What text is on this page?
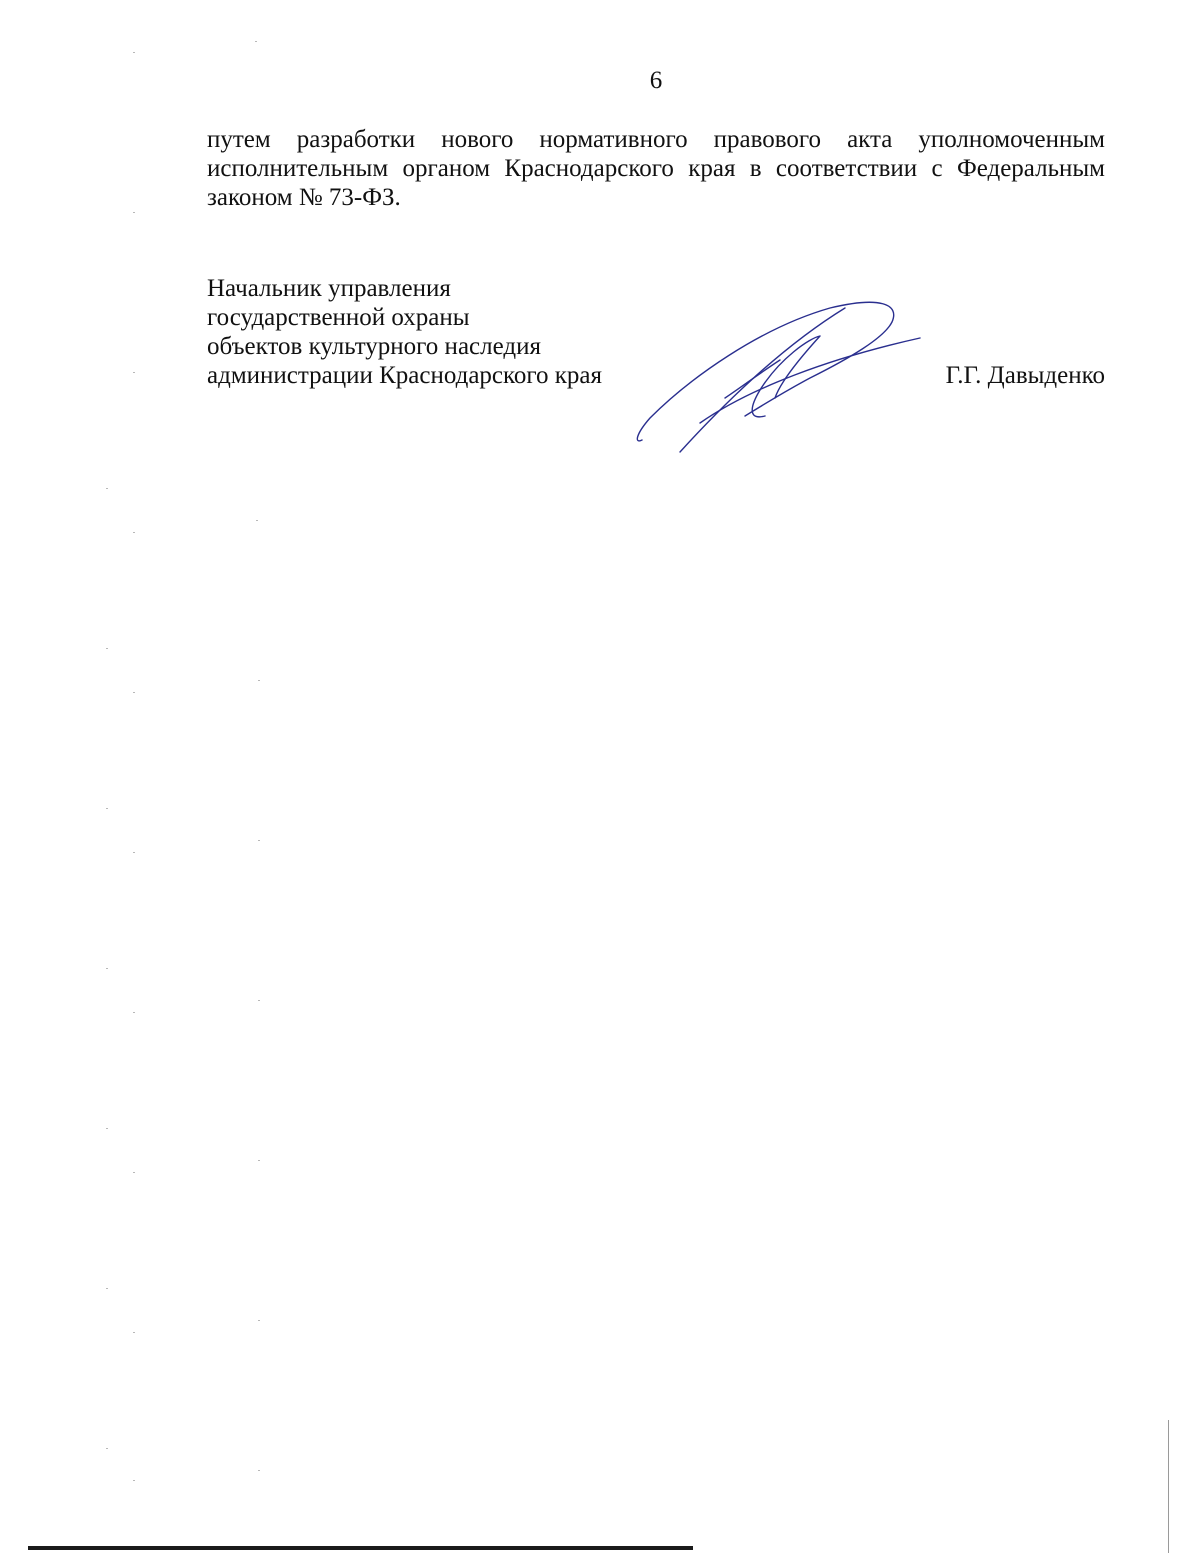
6
путем разработки нового нормативного правового акта уполномоченным
исполнительным органом Краснодарского края в соответствии с Федеральным
законом № 73-ФЗ.
Начальник управления
государственной охраны
объектов культурного наследия
администрации Краснодарского края	Г.Г. Давыденко
